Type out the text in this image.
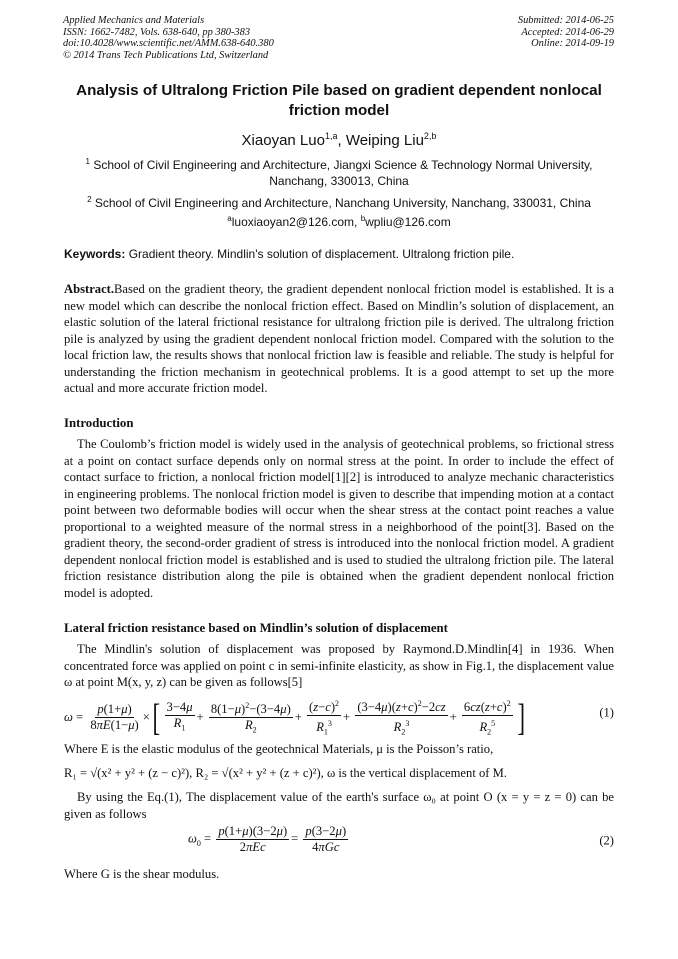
Applied Mechanics and Materials
ISSN: 1662-7482, Vols. 638-640, pp 380-383
doi:10.4028/www.scientific.net/AMM.638-640.380
© 2014 Trans Tech Publications Ltd, Switzerland
Submitted: 2014-06-25
Accepted: 2014-06-29
Online: 2014-09-19
Analysis of Ultralong Friction Pile based on gradient dependent nonlocal friction model
Xiaoyan Luo$^{1,a}$, Weiping Liu$^{2,b}$
$^1$ School of Civil Engineering and Architecture, Jiangxi Science & Technology Normal University, Nanchang, 330013, China
$^2$ School of Civil Engineering and Architecture, Nanchang University, Nanchang, 330031, China
$^a$luoxiaoyan2@126.com, $^b$wpliu@126.com
Keywords: Gradient theory. Mindlin's solution of displacement. Ultralong friction pile.
Abstract.Based on the gradient theory, the gradient dependent nonlocal friction model is established. It is a new model which can describe the nonlocal friction effect. Based on Mindlin’s solution of displacement, an elastic solution of the lateral frictional resistance for ultralong friction pile is derived. The ultralong friction pile is analyzed by using the gradient dependent nonlocal friction model. Compared with the solution to the local friction law, the results shows that nonlocal friction law is feasible and reliable. The study is helpful for understanding the friction mechanism in geotechnical problems. It is a good attempt to set up the more actual and more accurate friction model.
Introduction
The Coulomb’s friction model is widely used in the analysis of geotechnical problems, so frictional stress at a point on contact surface depends only on normal stress at the point. In order to include the effect of contact surface to friction, a nonlocal friction model[1][2] is introduced to analyze mechanic characteristics in engineering problems. The nonlocal friction model is given to describe that impending motion at a contact point between two deformable bodies will occur when the shear stress at the contact point reaches a value proportional to a weighted measure of the normal stress in a neighborhood of the point[3]. Based on the gradient theory, the second-order gradient of stress is introduced into the nonlocal friction model. A gradient dependent nonlocal friction model is established and is used to studied the ultralong friction pile. The lateral friction resistance distribution along the pile is obtained when the gradient dependent nonlocal friction model is adopted.
Lateral friction resistance based on Mindlin’s solution of displacement
The Mindlin's solution of displacement was proposed by Raymond.D.Mindlin[4] in 1936. When concentrated force was applied on point c in semi-infinite elasticity, as show in Fig.1, the displacement value ω at point M(x, y, z) can be given as follows[5]
$\omega = \frac{p(1+\mu)}{8\pi E(1-\mu)}$ ×[ $\frac{3-4\mu}{R_1} + \frac{8(1-\mu)^2-(3-4\mu)}{R_2} + \frac{(z-c)^2}{R_1^3} + \frac{(3-4\mu)(z+c)^2-2cz}{R_2^3} + \frac{6cz(z+c)^2}{R_2^5}$ ]	(1)
Where E is the elastic modulus of the geotechnical Materials, μ is the Poisson’s ratio,
R₁ = √(x² + y² + (z − c)²), R₂ = √(x² + y² + (z + c)²), ω is the vertical displacement of M.
By using the Eq.(1), The displacement value of the earth's surface ω₀ at point O (x = y = z = 0) can be given as follows
$\omega_0 = \frac{p(1+\mu)(3-2\mu)}{\text{2πEc}} = \frac{p(3-2\mu)}{\text{4πGc}}$	(2)
Where G is the shear modulus.
